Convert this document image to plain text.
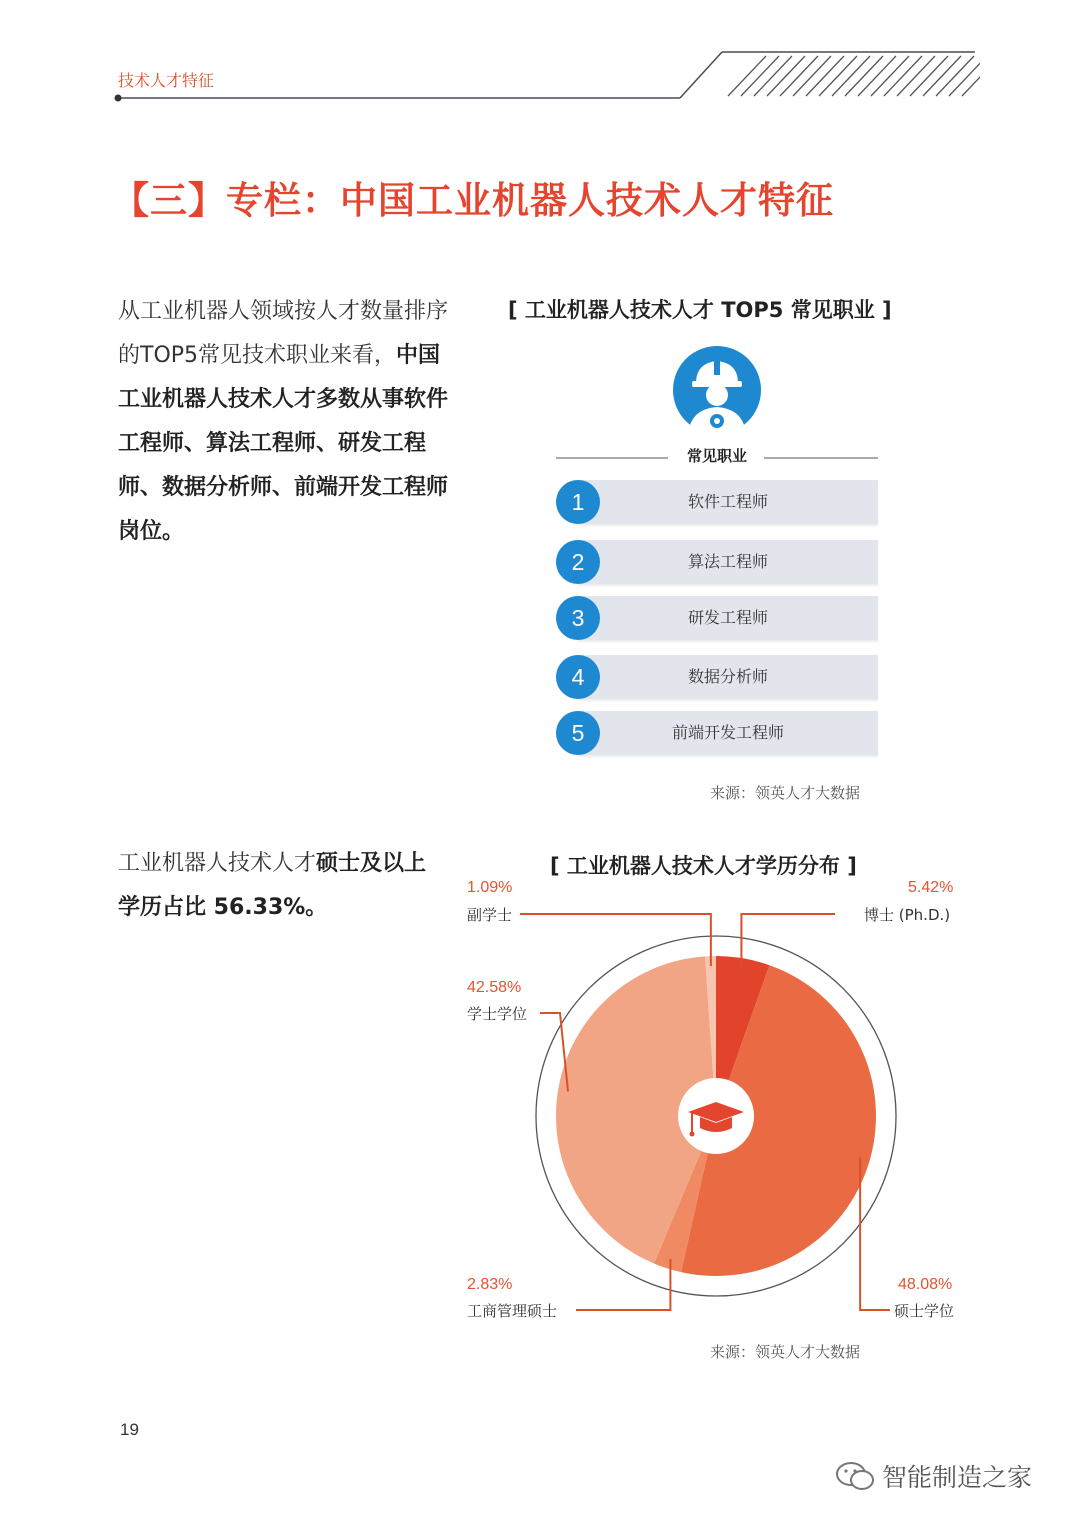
技术人才特征
【三】专栏：中国工业机器人技术人才特征
从工业机器人领域按人才数量排序的TOP5常见技术职业来看，中国工业机器人技术人才多数从事软件工程师、算法工程师、研发工程师、数据分析师、前端开发工程师岗位。
[ 工业机器人技术人才 TOP5 常见职业 ]
常见职业
软件工程师
1
算法工程师
2
研发工程师
3
数据分析师
4
前端开发工程师
5
来源：领英人才大数据
工业机器人技术人才硕士及以上学历占比 56.33%。
[ 工业机器人技术人才学历分布 ]
1.09%
副学士
5.42%
博士 (Ph.D.)
42.58%
学士学位
2.83%
工商管理硕士
48.08%
硕士学位
来源：领英人才大数据
19
智能制造之家
